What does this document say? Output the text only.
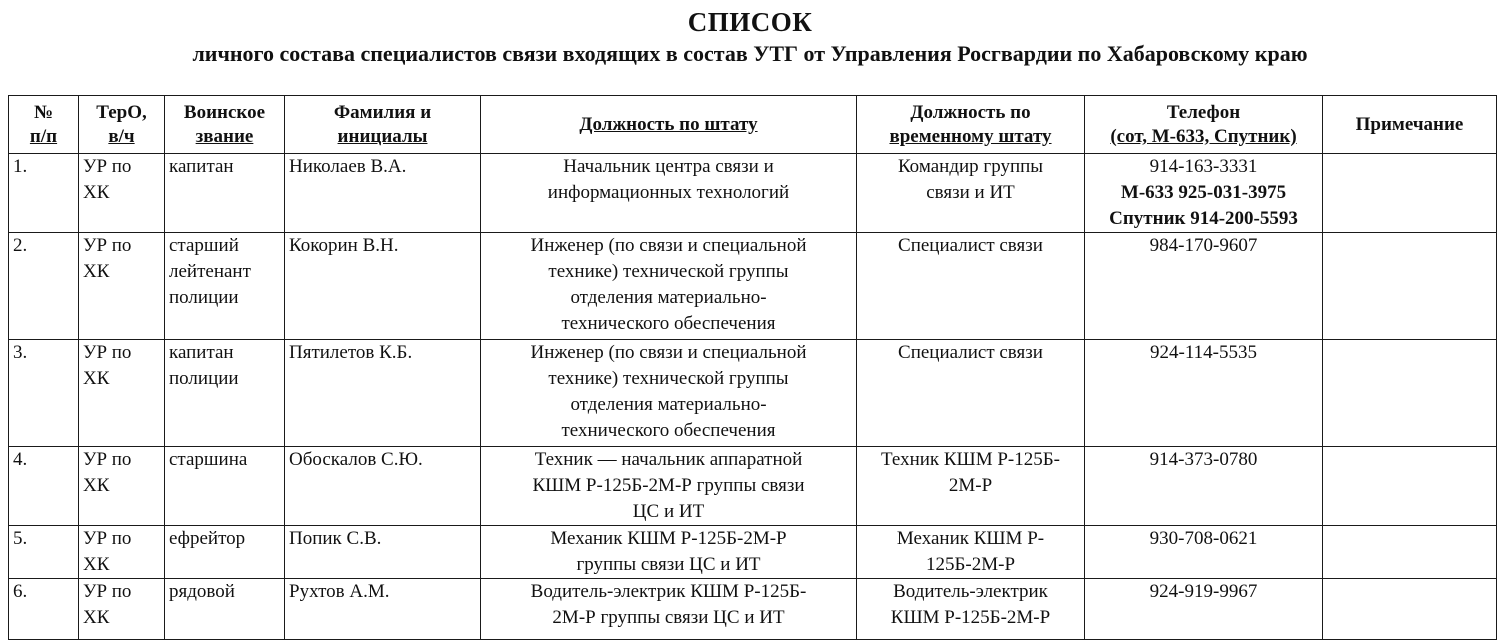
СПИСОК
личного состава специалистов связи входящих в состав УТГ от Управления Росгвардии по Хабаровскому краю
№
п/п	ТерО,
в/ч	Воинское
звание	Фамилия и
инициалы	Должность по штату	Должность по
временному штату	Телефон
(сот, М-633, Спутник)	Примечание
1.	УР по
ХК	капитан	Николаев В.А.	Начальник центра связи и
информационных технологий	Командир группы
связи и ИТ	914-163-3331
М-633 925-031-3975
Спутник 914-200-5593	

2.	УР по
ХК	старший
лейтенант
полиции	Кокорин В.Н.	Инженер (по связи и специальной
технике) технической группы
отделения материально-
технического обеспечения	Специалист связи	984-170-9607	

3.	УР по
ХК	капитан
полиции	Пятилетов К.Б.	Инженер (по связи и специальной
технике) технической группы
отделения материально-
технического обеспечения	Специалист связи	924-114-5535	

4.	УР по
ХК	старшина	Обоскалов С.Ю.	Техник — начальник аппаратной
КШМ Р-125Б-2М-Р группы связи
ЦС и ИТ	Техник КШМ Р-125Б-
2М-Р	914-373-0780	

5.	УР по
ХК	ефрейтор	Попик С.В.	Механик КШМ Р-125Б-2М-Р
группы связи ЦС и ИТ	Механик КШМ Р-
125Б-2М-Р	930-708-0621	

6.	УР по
ХК	рядовой	Рухтов А.М.	Водитель-электрик КШМ Р-125Б-
2М-Р группы связи ЦС и ИТ	Водитель-электрик
КШМ Р-125Б-2М-Р	924-919-9967	
